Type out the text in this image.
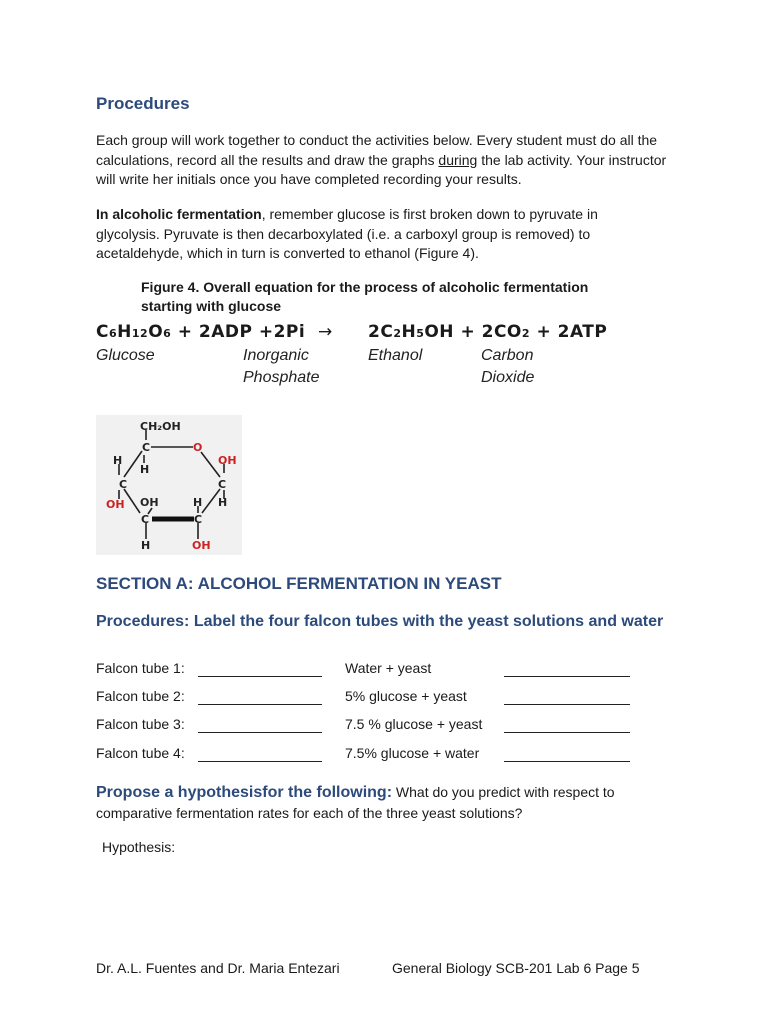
Procedures
Each group will work together to conduct the activities below. Every student must do all the calculations, record all the results and draw the graphs during the lab activity. Your instructor will write her initials once you have completed recording your results.
In alcoholic fermentation, remember glucose is first broken down to pyruvate in glycolysis. Pyruvate is then decarboxylated (i.e. a carboxyl group is removed) to acetaldehyde, which in turn is converted to ethanol (Figure 4).
Figure 4. Overall equation for the process of alcoholic fermentation
starting with glucose
C6H12O6 + 2ADP +2Pi → 2C2H5OH + 2CO2 + 2ATP
Glucose	Inorganic
Phosphate
Ethanol	Carbon
Dioxide
CH₂OH
C	O
H
H
OH
C	C
OH OH	H H
C	C
H	OH
SECTION A: ALCOHOL FERMENTATION IN YEAST
Procedures: Label the four falcon tubes with the yeast solutions and water
Falcon tube 1:	Water + yeast
Falcon tube 2:	5% glucose + yeast
Falcon tube 3:	7.5 % glucose + yeast
Falcon tube 4:	7.5% glucose + water
Propose a hypothesisfor the following: What do you predict with respect to comparative fermentation rates for each of the three yeast solutions?
Hypothesis:
Dr. A.L. Fuentes and Dr. Maria Entezari	General Biology SCB-201 Lab 6 Page 5
